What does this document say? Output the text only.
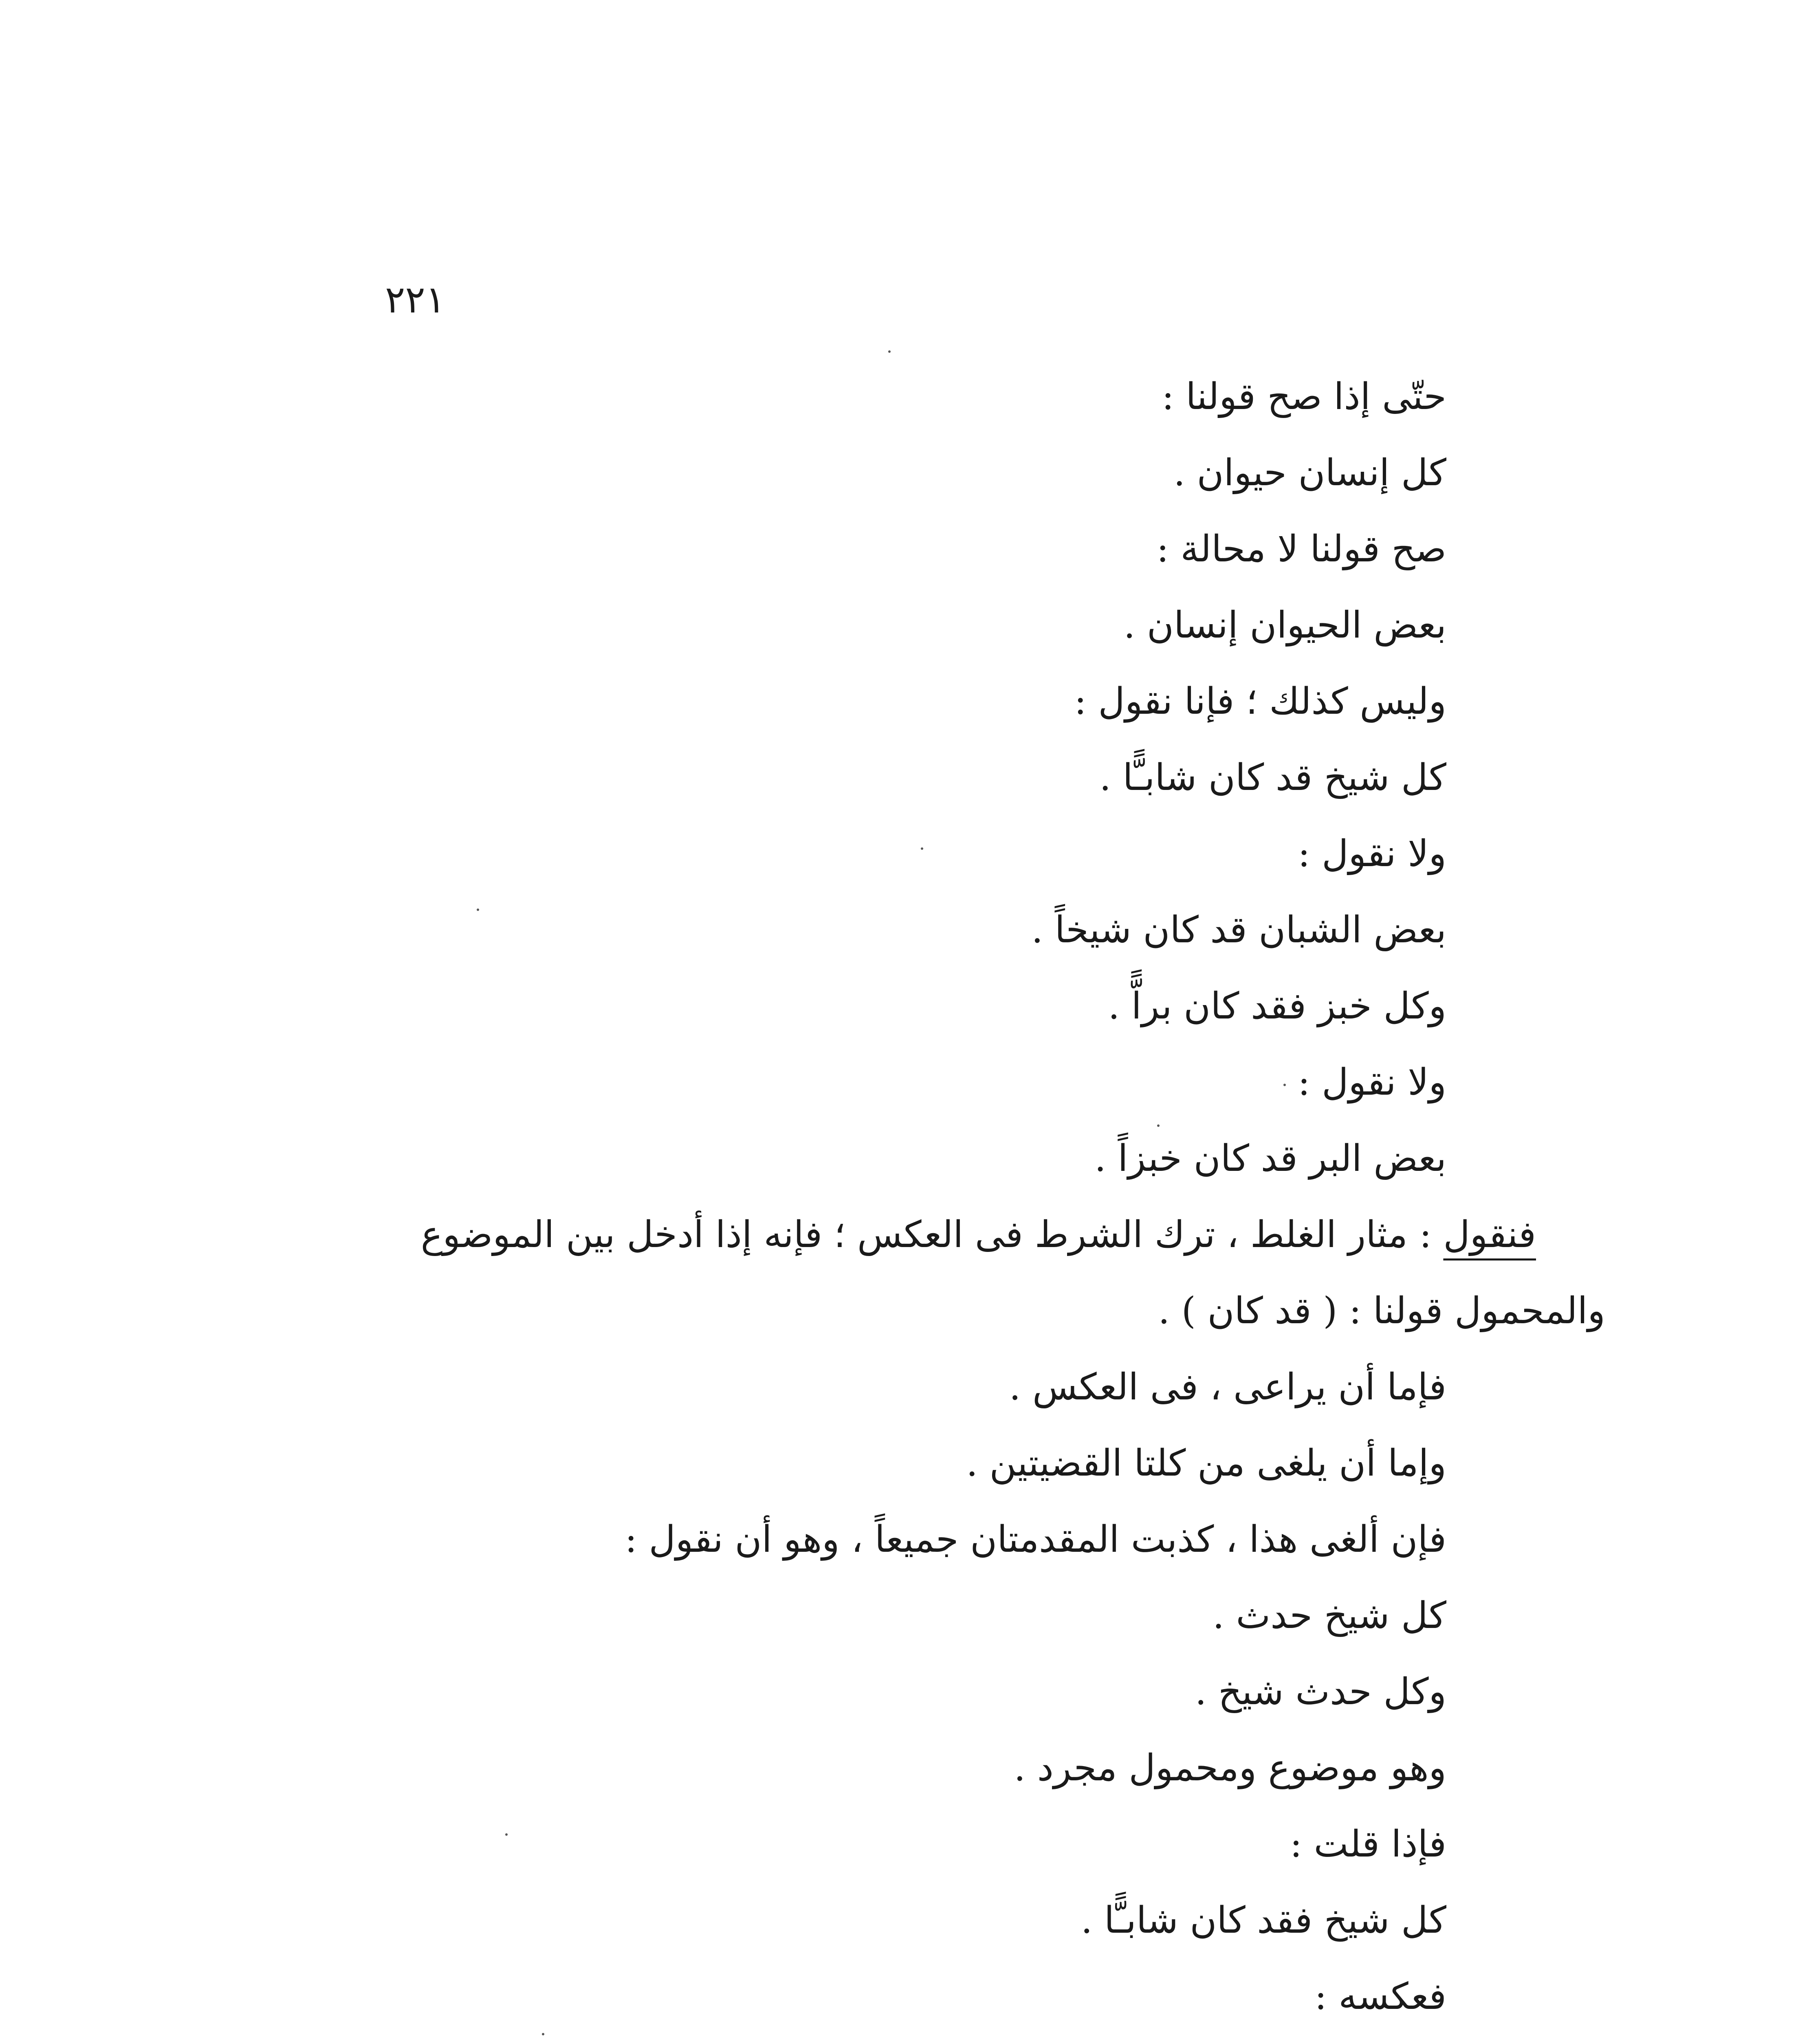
٢٢١

حتّى إذا صح قولنا :

كل إنسان حيوان .

صح قولنا لا محالة :

بعض الحيوان إنسان .

وليس كذلك ؛ فإنا نقول :

كل شيخ قد كان شابـًّا .

ولا نقول :

بعض الشبان قد كان شيخاً .

وكل خبز فقد كان براًّ .

ولا نقول :

بعض البر قد كان خبزاً .

فنقول : مثار الغلط ، ترك الشرط فى العكس ؛ فإنه إذا أدخل بين الموضوع

والمحمول قولنا : ( قد كان ) .

فإما أن يراعى ، فى العكس .

وإما أن يلغى من كلتا القضيتين .

فإن ألغى هذا ، كذبت المقدمتان جميعاً ، وهو أن نقول :

كل شيخ حدث .

وكل حدث شيخ .

وهو موضوع ومحمول مجرد .

فإذا قلت :

كل شيخ فقد كان شابـًّا .

فعكسه :
